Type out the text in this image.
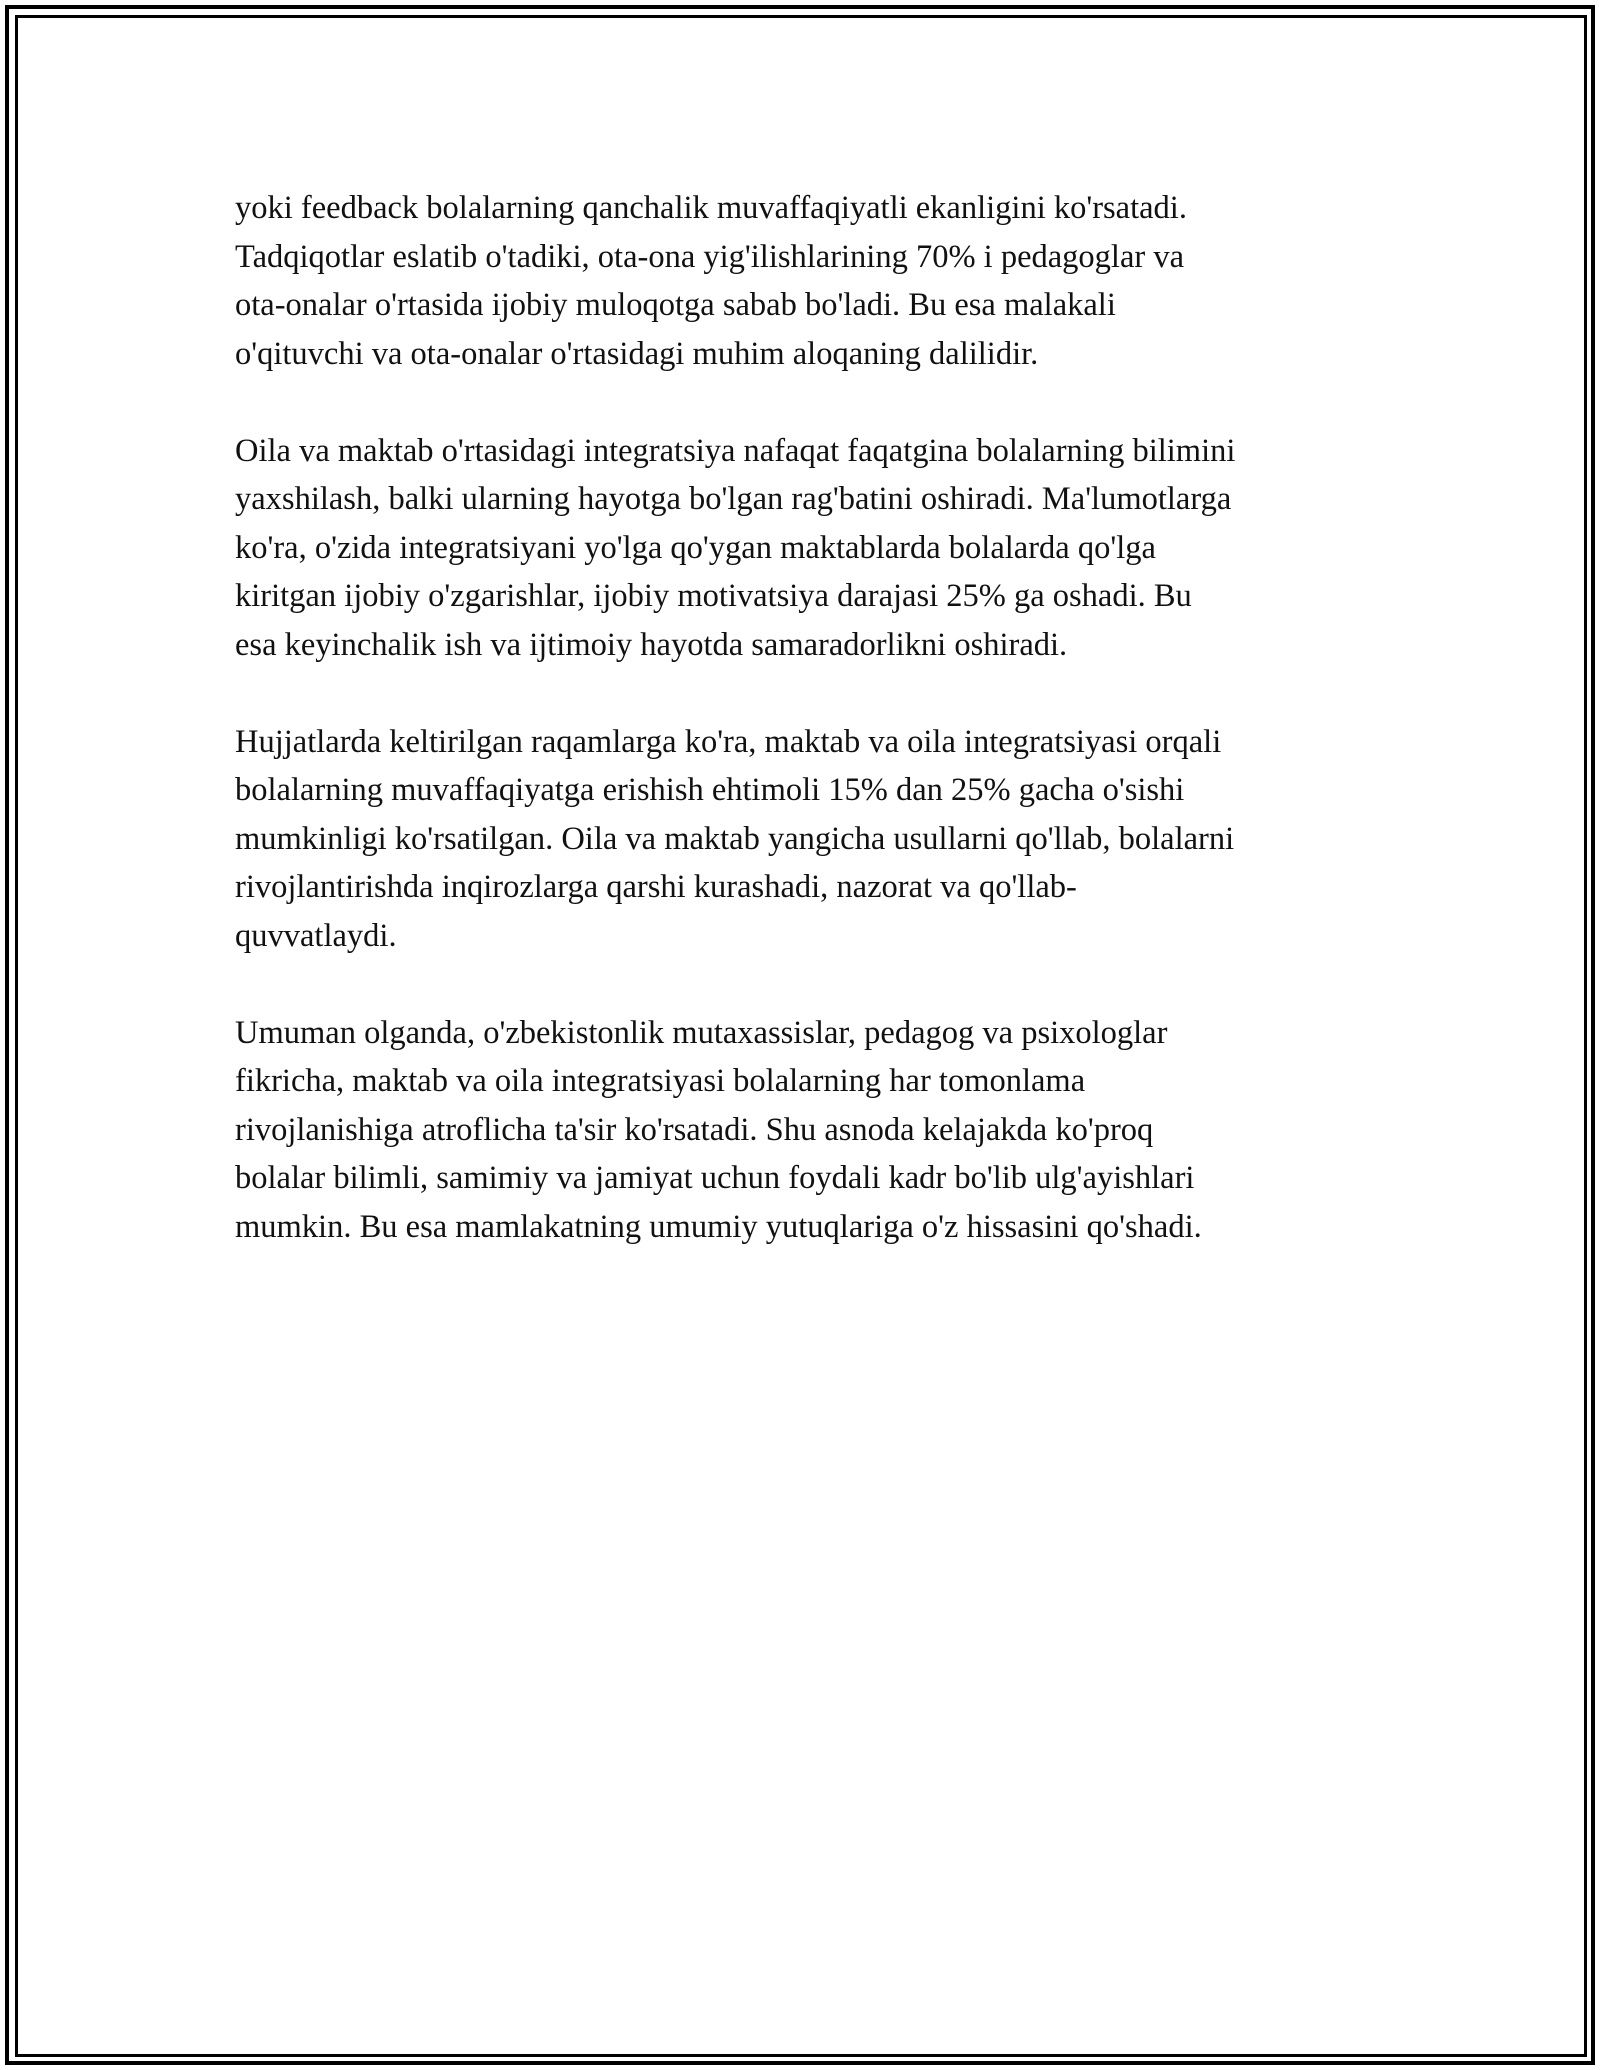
yoki feedback bolalarning qanchalik muvaffaqiyatli ekanligini ko'rsatadi.
Tadqiqotlar eslatib o'tadiki, ota-ona yig'ilishlarining 70% i pedagoglar va
ota-onalar o'rtasida ijobiy muloqotga sabab bo'ladi. Bu esa malakali
o'qituvchi va ota-onalar o'rtasidagi muhim aloqaning dalilidir.
Oila va maktab o'rtasidagi integratsiya nafaqat faqatgina bolalarning bilimini
yaxshilash, balki ularning hayotga bo'lgan rag'batini oshiradi. Ma'lumotlarga
ko'ra, o'zida integratsiyani yo'lga qo'ygan maktablarda bolalarda qo'lga
kiritgan ijobiy o'zgarishlar, ijobiy motivatsiya darajasi 25% ga oshadi. Bu
esa keyinchalik ish va ijtimoiy hayotda samaradorlikni oshiradi.
Hujjatlarda keltirilgan raqamlarga ko'ra, maktab va oila integratsiyasi orqali
bolalarning muvaffaqiyatga erishish ehtimoli 15% dan 25% gacha o'sishi
mumkinligi ko'rsatilgan. Oila va maktab yangicha usullarni qo'llab, bolalarni
rivojlantirishda inqirozlarga qarshi kurashadi, nazorat va qo'llab-
quvvatlaydi.
Umuman olganda, o'zbekistonlik mutaxassislar, pedagog va psixologlar
fikricha, maktab va oila integratsiyasi bolalarning har tomonlama
rivojlanishiga atroflicha ta'sir ko'rsatadi. Shu asnoda kelajakda ko'proq
bolalar bilimli, samimiy va jamiyat uchun foydali kadr bo'lib ulg'ayishlari
mumkin. Bu esa mamlakatning umumiy yutuqlariga o'z hissasini qo'shadi.
